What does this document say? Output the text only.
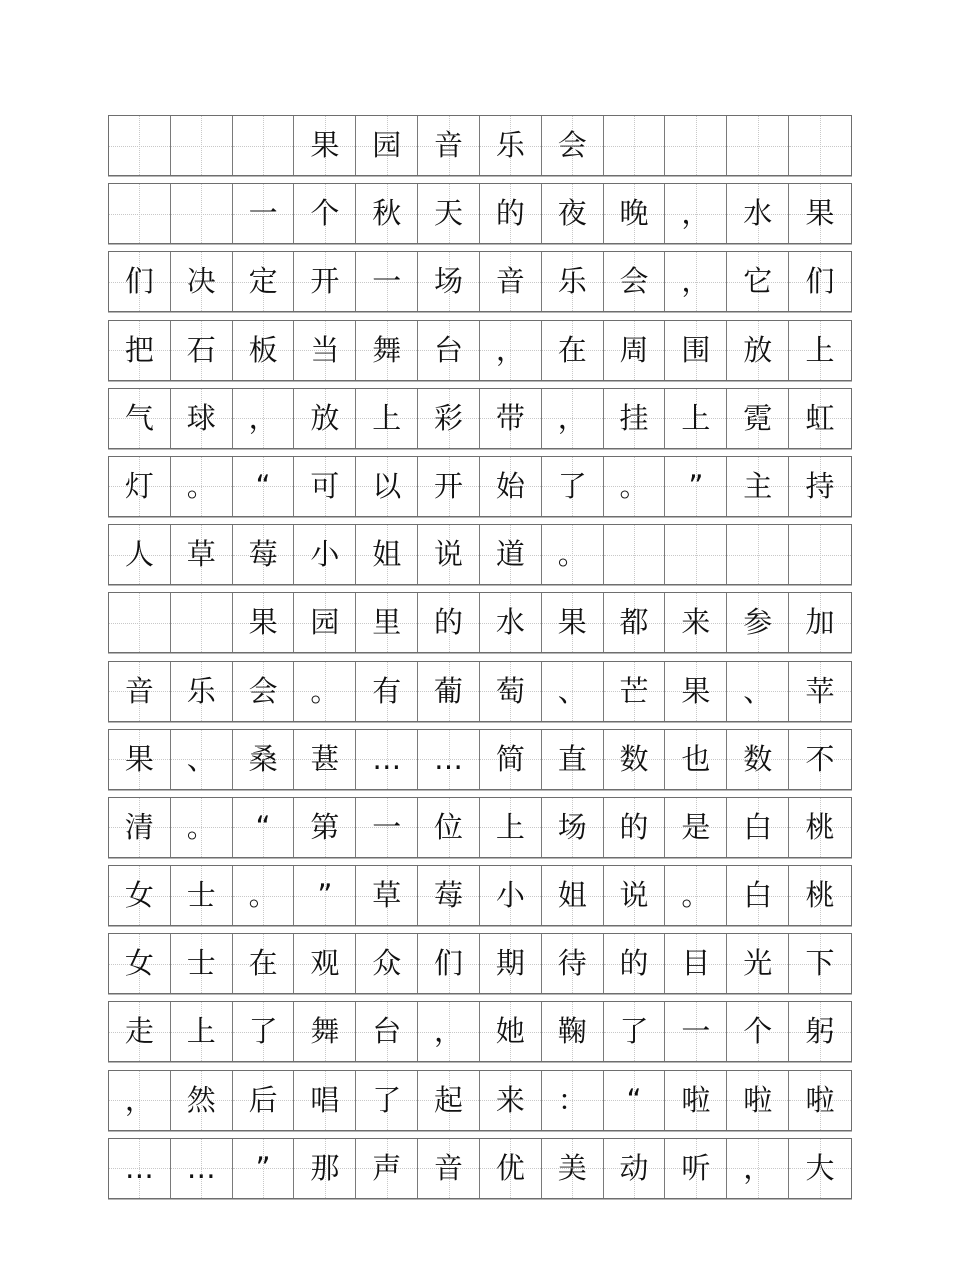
果 园 音 乐 会
一 个 秋 天 的 夜 晚 ， 水 果
们 决 定 开 一 场 音 乐 会 ， 它 们
把 石 板 当 舞 台 ， 在 周 围 放 上
气 球 ， 放 上 彩 带 ， 挂 上 霓 虹
灯 。 “ 可 以 开 始 了 。 ” 主 持
人 草 莓 小 姐 说 道 。
果 园 里 的 水 果 都 来 参 加
音 乐 会 。 有 葡 萄 、 芒 果 、 苹
果 、 桑 葚 … … 简 直 数 也 数 不
清 。 “ 第 一 位 上 场 的 是 白 桃
女 士 。 ” 草 莓 小 姐 说 。 白 桃
女 士 在 观 众 们 期 待 的 目 光 下
走 上 了 舞 台 ， 她 鞠 了 一 个 躬
， 然 后 唱 了 起 来 ： “ 啦 啦 啦
… … ” 那 声 音 优 美 动 听 ， 大
